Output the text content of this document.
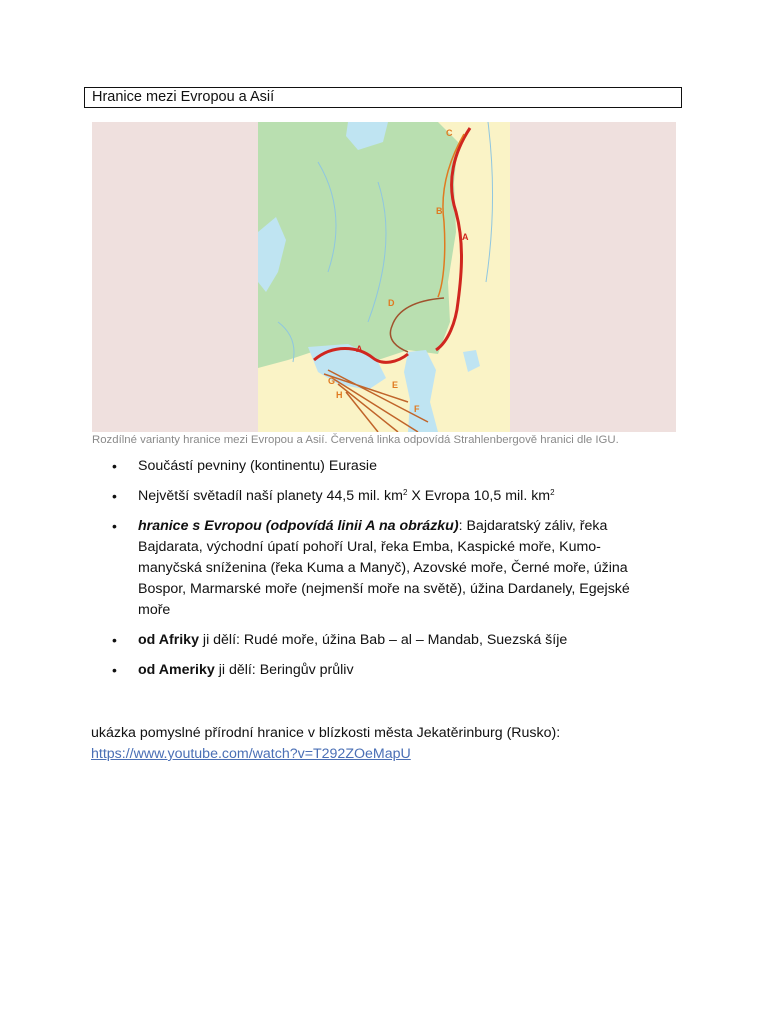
Hranice mezi Evropou a Asií
A
A
B
C
D
E
F
G
H
Rozdílné varianty hranice mezi Evropou a Asií. Červená linka odpovídá Strahlenbergově hranici dle IGU.
• Součástí pevniny (kontinentu) Eurasie
• Největší světadíl naší planety 44,5 mil. $km^2$ X Evropa 10,5 mil. $km^2$
• hranice s Evropou (odpovídá linii A na obrázku): Bajdaratský záliv, řeka Bajdarata, východní úpatí pohoří Ural, řeka Emba, Kaspické moře, Kumo-manyčská sníženina (řeka Kuma a Manyč), Azovské moře, Černé moře, úžina Bospor, Marmarské moře (nejmenší moře na světě), úžina Dardanely, Egejské moře
• od Afriky ji dělí: Rudé moře, úžina Bab – al – Mandab, Suezská šíje
• od Ameriky ji dělí: Beringův průliv
ukázka pomyslné přírodní hranice v blízkosti města Jekatěrinburg (Rusko):
https://www.youtube.com/watch?v=T292ZOeMapU
